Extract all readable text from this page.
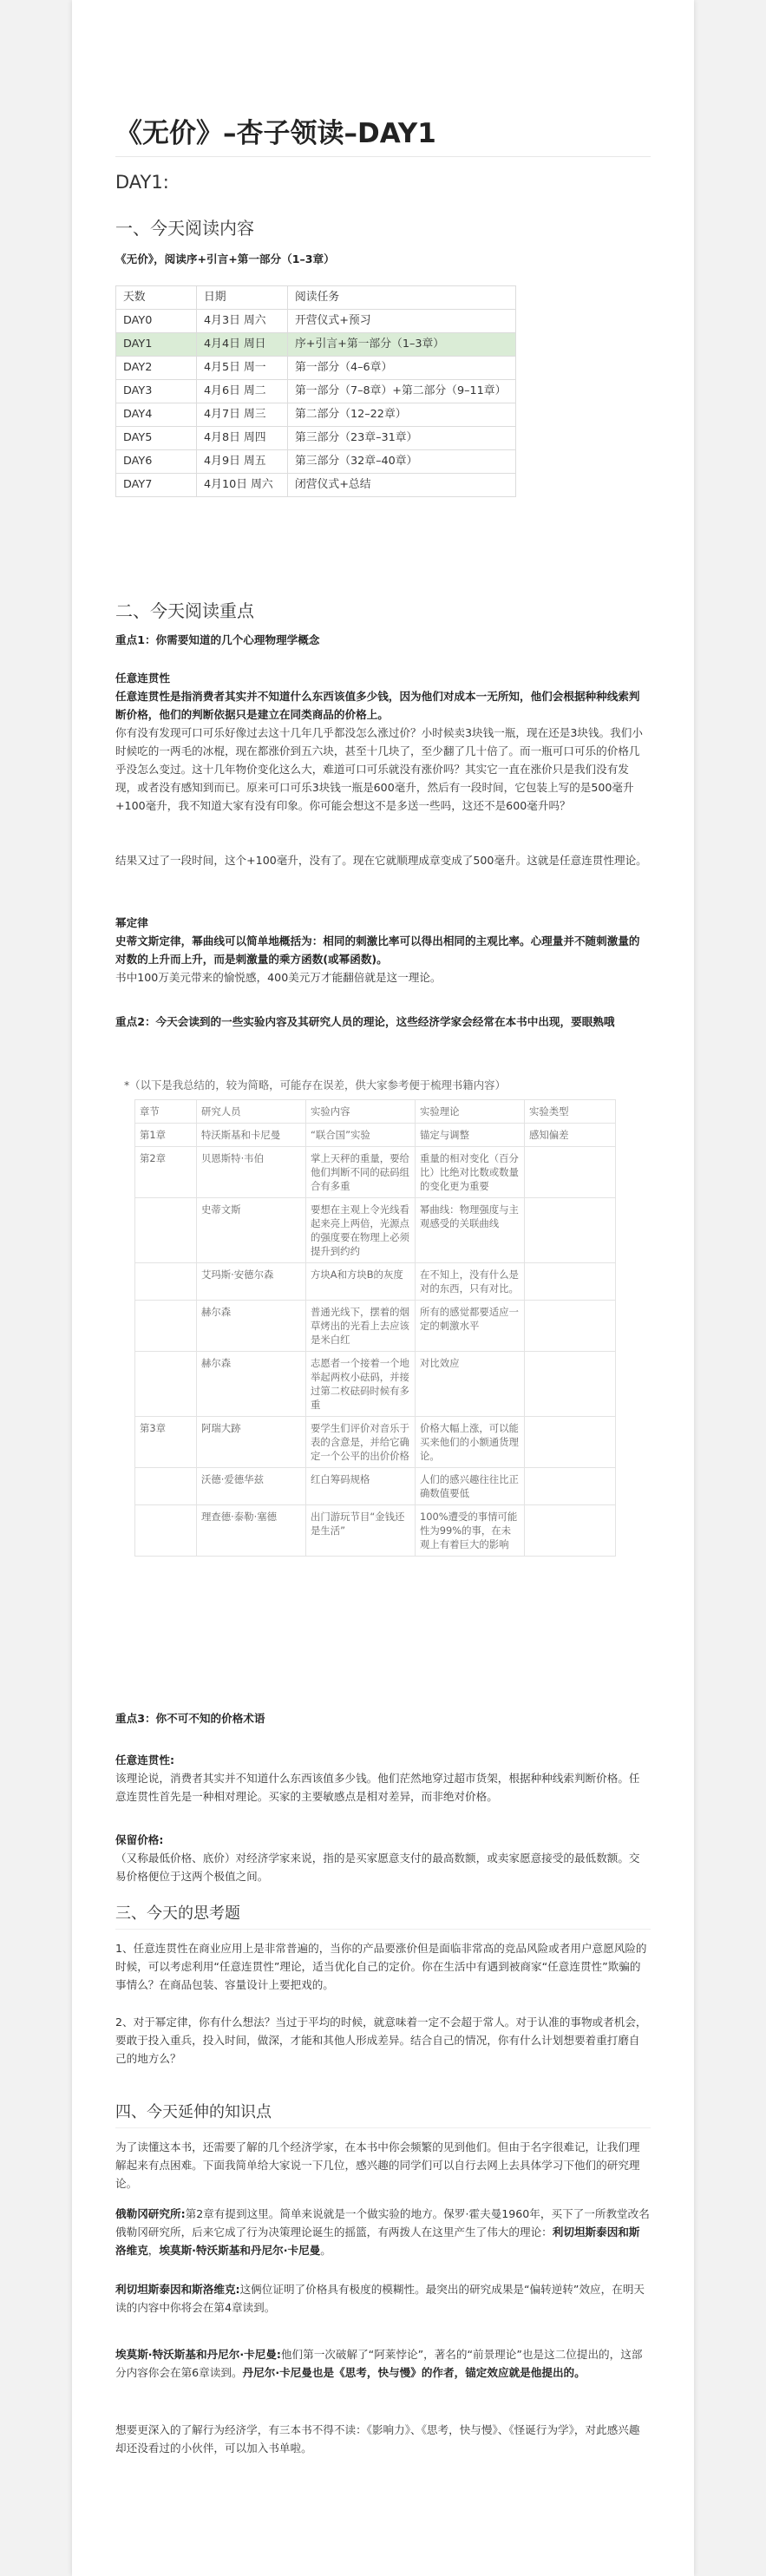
《无价》–杏子领读–DAY1
DAY1:
一、今天阅读内容
《无价》，阅读序+引言+第一部分（1–3章）
天数	日期	阅读任务
DAY0	4月3日 周六	开营仪式+预习
DAY1	4月4日 周日	序+引言+第一部分（1–3章）
DAY2	4月5日 周一	第一部分（4–6章）
DAY3	4月6日 周二	第一部分（7–8章）+第二部分（9–11章）
DAY4	4月7日 周三	第二部分（12–22章）
DAY5	4月8日 周四	第三部分（23章–31章）
DAY6	4月9日 周五	第三部分（32章–40章）
DAY7	4月10日 周六	闭营仪式+总结
二、今天阅读重点
重点1：你需要知道的几个心理物理学概念
任意连贯性
任意连贯性是指消费者其实并不知道什么东西该值多少钱，因为他们对成本一无所知，他们会根据种种线索判断价格，他们的判断依据只是建立在同类商品的价格上。
你有没有发现可口可乐好像过去这十几年几乎都没怎么涨过价？小时候卖3块钱一瓶，现在还是3块钱。我们小时候吃的一两毛的冰棍，现在都涨价到五六块，甚至十几块了，至少翻了几十倍了。而一瓶可口可乐的价格几乎没怎么变过。这十几年物价变化这么大，难道可口可乐就没有涨价吗？其实它一直在涨价只是我们没有发现，或者没有感知到而已。原来可口可乐3块钱一瓶是600毫升，然后有一段时间，它包装上写的是500毫升+100毫升，我不知道大家有没有印象。你可能会想这不是多送一些吗，这还不是600毫升吗？
结果又过了一段时间，这个+100毫升，没有了。现在它就顺理成章变成了500毫升。这就是任意连贯性理论。
幂定律
史蒂文斯定律，幂曲线可以简单地概括为：相同的刺激比率可以得出相同的主观比率。心理量并不随刺激量的对数的上升而上升，而是刺激量的乘方函数(或幂函数)。
书中100万美元带来的愉悦感，400美元万才能翻倍就是这一理论。
重点2：今天会读到的一些实验内容及其研究人员的理论，这些经济学家会经常在本书中出现，要眼熟哦
*（以下是我总结的，较为简略，可能存在误差，供大家参考便于梳理书籍内容）
章节	研究人员	实验内容	实验理论	实验类型
第1章	特沃斯基和卡尼曼	“联合国”实验	锚定与调整	感知偏差
第2章	贝恩斯特·韦伯	掌上天秤的重量，要给他们判断不同的砝码组合有多重	重量的相对变化（百分比）比绝对比数或数量的变化更为重要	
	史蒂文斯	要想在主观上令光线看起来亮上两倍，光源点的强度要在物理上必须提升到约约	幂曲线：物理强度与主观感受的关联曲线	
	艾玛斯·安德尔森	方块A和方块B的灰度	在不知上，没有什么是对的东西，只有对比。	
	赫尔森	普通光线下，摆着的烟草烤出的光看上去应该是米白红	所有的感觉都要适应一定的刺激水平	
	赫尔森	志愿者一个接着一个地举起两枚小砝码，并接过第二枚砝码时候有多重	对比效应	
第3章	阿瑞大跡	要学生们评价对音乐于表的含意是，并给它确定一个公平的出价价格	价格大幅上涨，可以能买来他们的小额通货理论。	
	沃德·爱德华兹	红白筹码规格	人们的感兴趣往往比正确数值要低	
	理查德·泰勒·塞德	出门游玩节目“金钱还是生活”	100%遭受的事情可能性为99%的事，在未观上有着巨大的影响	
重点3：你不可不知的价格术语
任意连贯性:
该理论说，消费者其实并不知道什么东西该值多少钱。他们茫然地穿过超市货架，根据种种线索判断价格。任意连贯性首先是一种相对理论。买家的主要敏感点是相对差异，而非绝对价格。
保留价格:
（又称最低价格、底价）对经济学家来说，指的是买家愿意支付的最高数额，或卖家愿意接受的最低数额。交易价格便位于这两个极值之间。
三、今天的思考题
1、任意连贯性在商业应用上是非常普遍的，当你的产品要涨价但是面临非常高的竞品风险或者用户意愿风险的时候，可以考虑利用“任意连贯性”理论，适当优化自己的定价。你在生活中有遇到被商家“任意连贯性”欺骗的事情么？在商品包装、容量设计上要把戏的。
2、对于幂定律，你有什么想法？当过于平均的时候，就意味着一定不会超于常人。对于认准的事物或者机会，要敢于投入重兵，投入时间，做深，才能和其他人形成差异。结合自己的情况，你有什么计划想要着重打磨自己的地方么？
四、今天延伸的知识点
为了读懂这本书，还需要了解的几个经济学家，在本书中你会频繁的见到他们。但由于名字很难记，让我们理解起来有点困难。下面我简单给大家说一下几位，感兴趣的同学们可以自行去网上去具体学习下他们的研究理论。
俄勒冈研究所:第2章有提到这里。简单来说就是一个做实验的地方。保罗·霍夫曼1960年，买下了一所教堂改名俄勒冈研究所，后来它成了行为决策理论诞生的摇篮，有两拨人在这里产生了伟大的理论：利切坦斯泰因和斯洛维克，埃莫斯·特沃斯基和丹尼尔·卡尼曼。
利切坦斯泰因和斯洛维克:这俩位证明了价格具有极度的模糊性。最突出的研究成果是“偏转逆转”效应，在明天读的内容中你将会在第4章读到。
埃莫斯·特沃斯基和丹尼尔·卡尼曼:他们第一次破解了“阿莱悖论”，著名的“前景理论”也是这二位提出的，这部分内容你会在第6章读到。丹尼尔·卡尼曼也是《思考，快与慢》的作者，锚定效应就是他提出的。
想要更深入的了解行为经济学，有三本书不得不读：《影响力》、《思考，快与慢》、《怪诞行为学》，对此感兴趣却还没看过的小伙伴，可以加入书单啦。
